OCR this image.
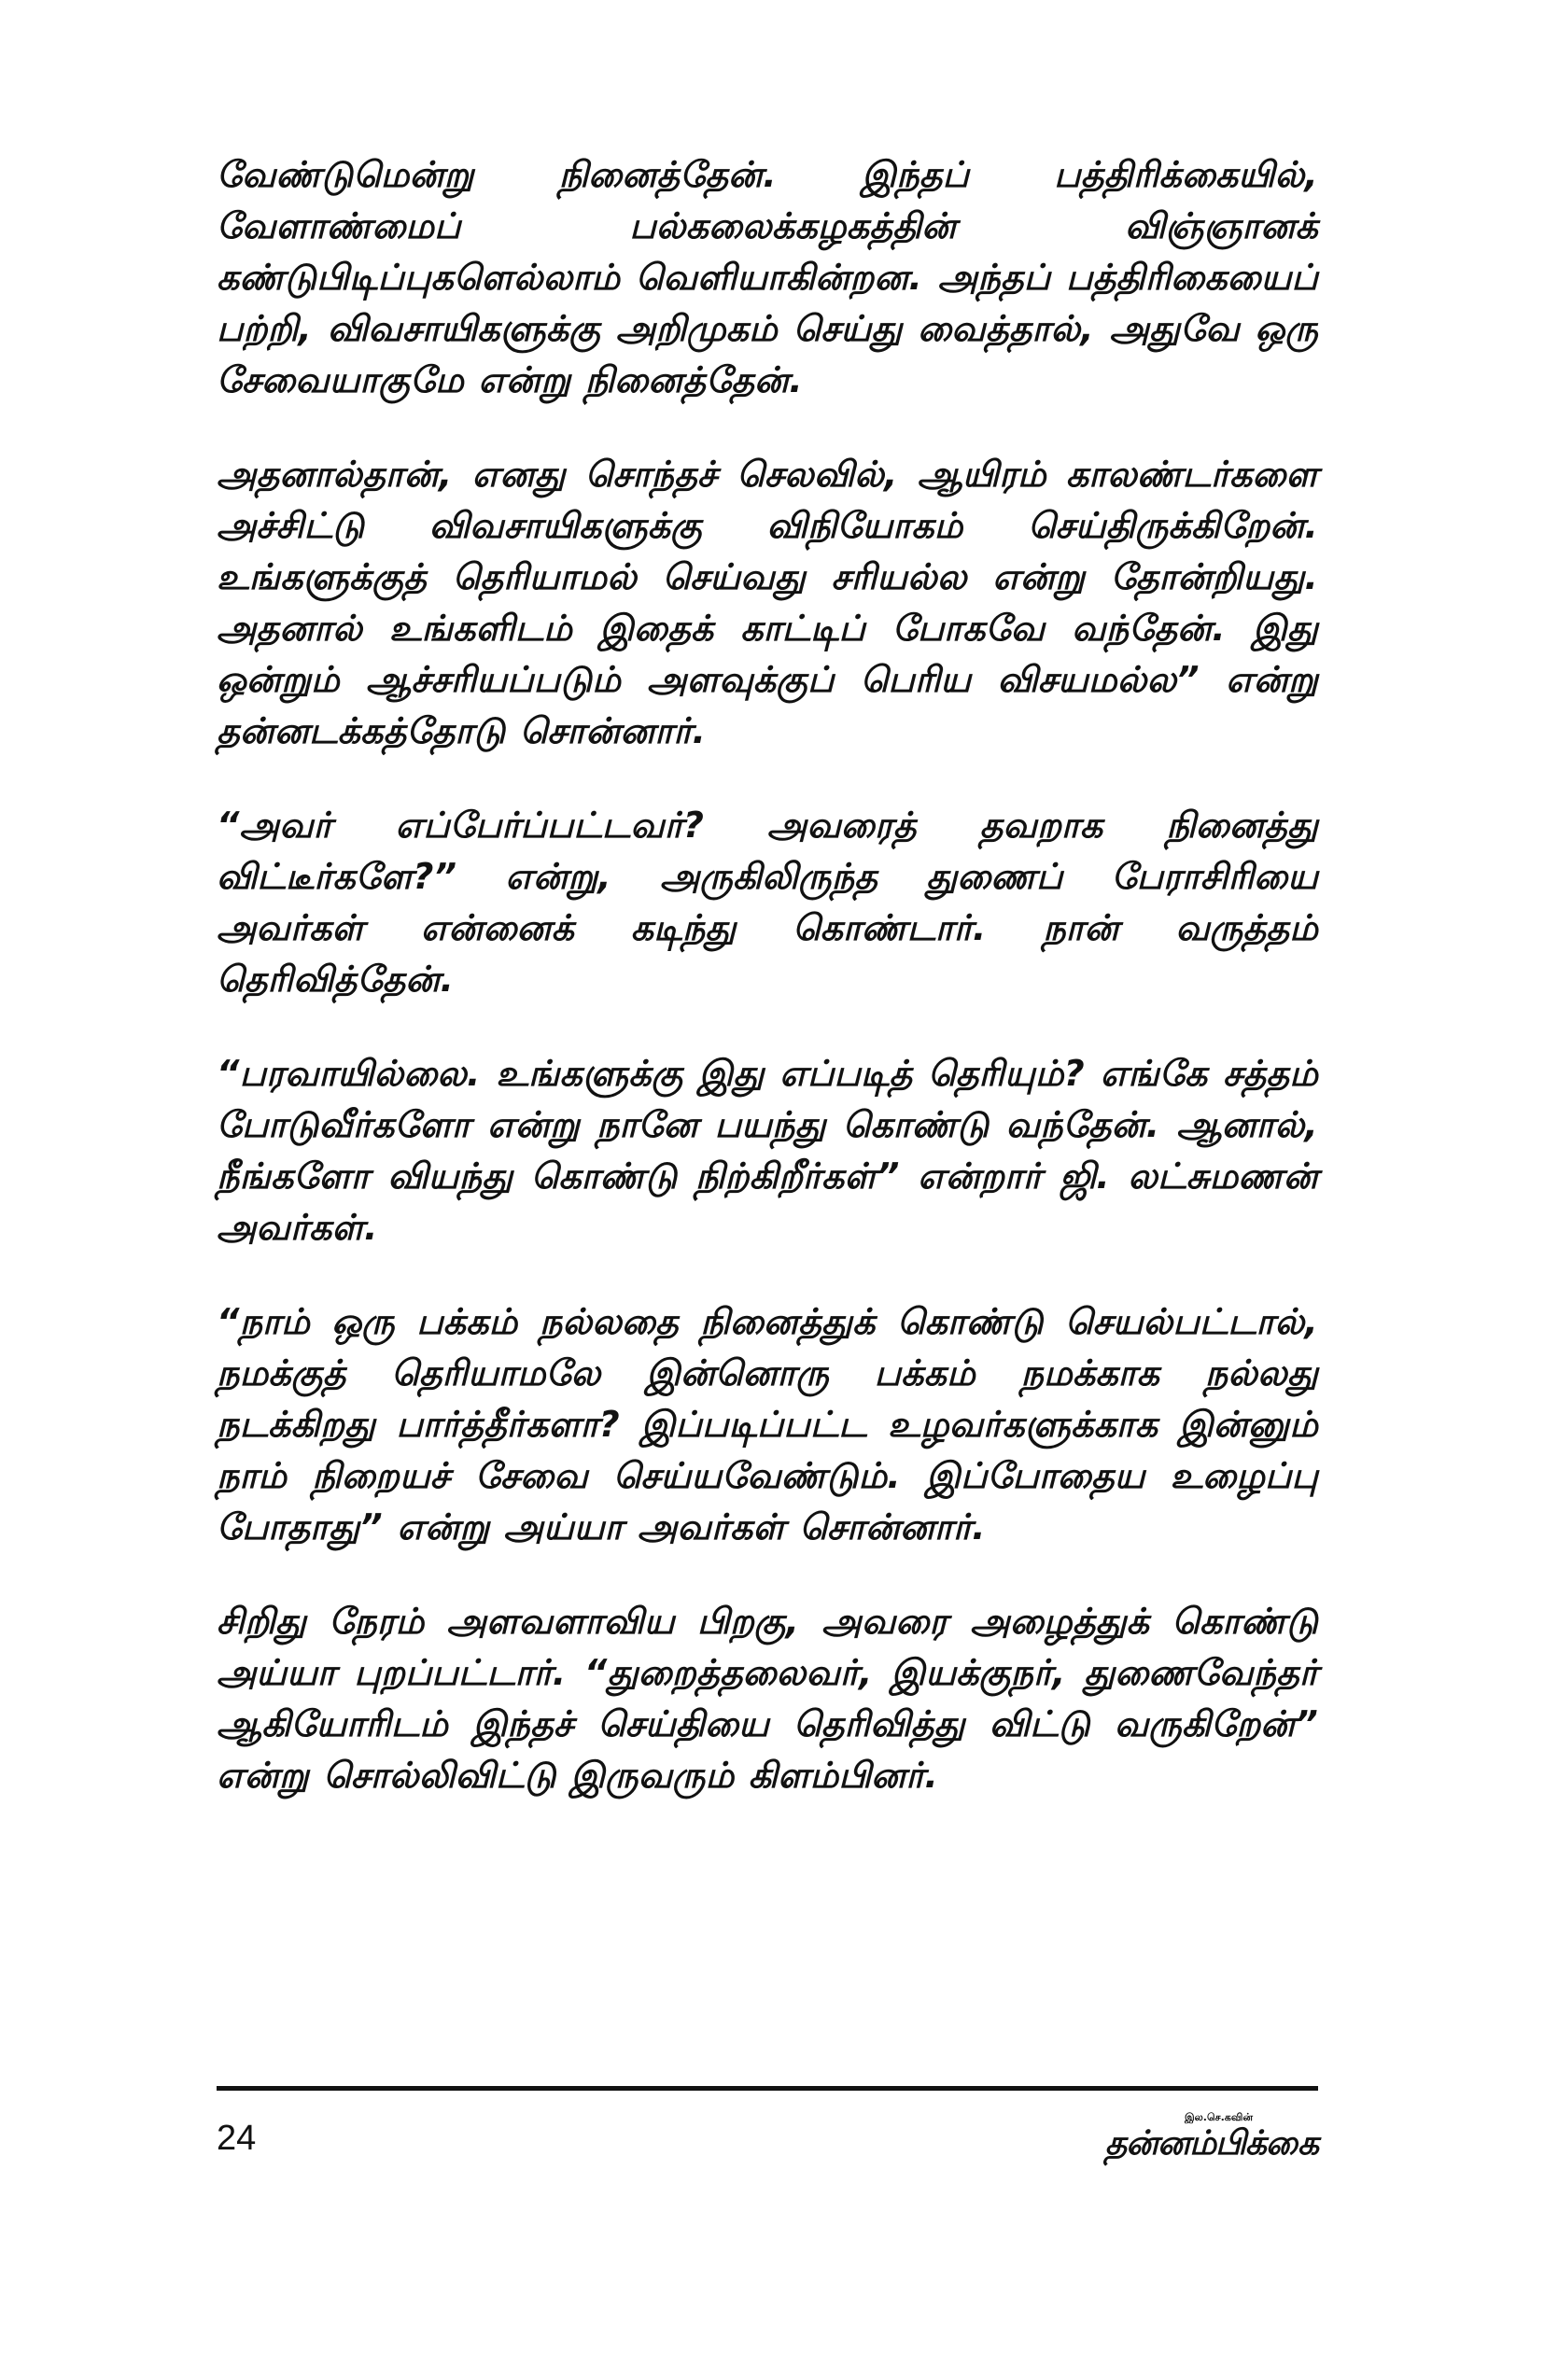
வேண்டுமென்று நினைத்தேன். இந்தப் பத்திரிக்கையில், வேளாண்மைப் பல்கலைக்கழகத்தின் விஞ்ஞானக் கண்டுபிடிப்புகளெல்லாம் வெளியாகின்றன. அந்தப் பத்திரிகையைப் பற்றி, விவசாயிகளுக்கு அறிமுகம் செய்து வைத்தால், அதுவே ஒரு சேவையாகுமே என்று நினைத்தேன்.

அதனால்தான், எனது சொந்தச் செலவில், ஆயிரம் காலண்டர்களை அச்சிட்டு விவசாயிகளுக்கு விநியோகம் செய்திருக்கிறேன். உங்களுக்குத் தெரியாமல் செய்வது சரியல்ல என்று தோன்றியது. அதனால் உங்களிடம் இதைக் காட்டிப் போகவே வந்தேன். இது ஒன்றும் ஆச்சரியப்படும் அளவுக்குப் பெரிய விசயமல்ல” என்று தன்னடக்கத்தோடு சொன்னார்.

“அவர் எப்பேர்ப்பட்டவர்? அவரைத் தவறாக நினைத்து விட்டீர்களே?” என்று, அருகிலிருந்த துணைப் பேராசிரியை அவர்கள் என்னைக் கடிந்து கொண்டார். நான் வருத்தம் தெரிவித்தேன்.

“பரவாயில்லை. உங்களுக்கு இது எப்படித் தெரியும்? எங்கே சத்தம் போடுவீர்களோ என்று நானே பயந்து கொண்டு வந்தேன். ஆனால், நீங்களோ வியந்து கொண்டு நிற்கிறீர்கள்” என்றார் ஜி. லட்சுமணன் அவர்கள்.

“நாம் ஒரு பக்கம் நல்லதை நினைத்துக் கொண்டு செயல்பட்டால், நமக்குத் தெரியாமலே இன்னொரு பக்கம் நமக்காக நல்லது நடக்கிறது பார்த்தீர்களா? இப்படிப்பட்ட உழவர்களுக்காக இன்னும் நாம் நிறையச் சேவை செய்யவேண்டும். இப்போதைய உழைப்பு போதாது” என்று அய்யா அவர்கள் சொன்னார்.

சிறிது நேரம் அளவளாவிய பிறகு, அவரை அழைத்துக் கொண்டு அய்யா புறப்பட்டார். “துறைத்தலைவர், இயக்குநர், துணைவேந்தர் ஆகியோரிடம் இந்தச் செய்தியை தெரிவித்து விட்டு வருகிறேன்” என்று சொல்லிவிட்டு இருவரும் கிளம்பினர்.

24
இல.செ.கவின்
தன்னம்பிக்கை
